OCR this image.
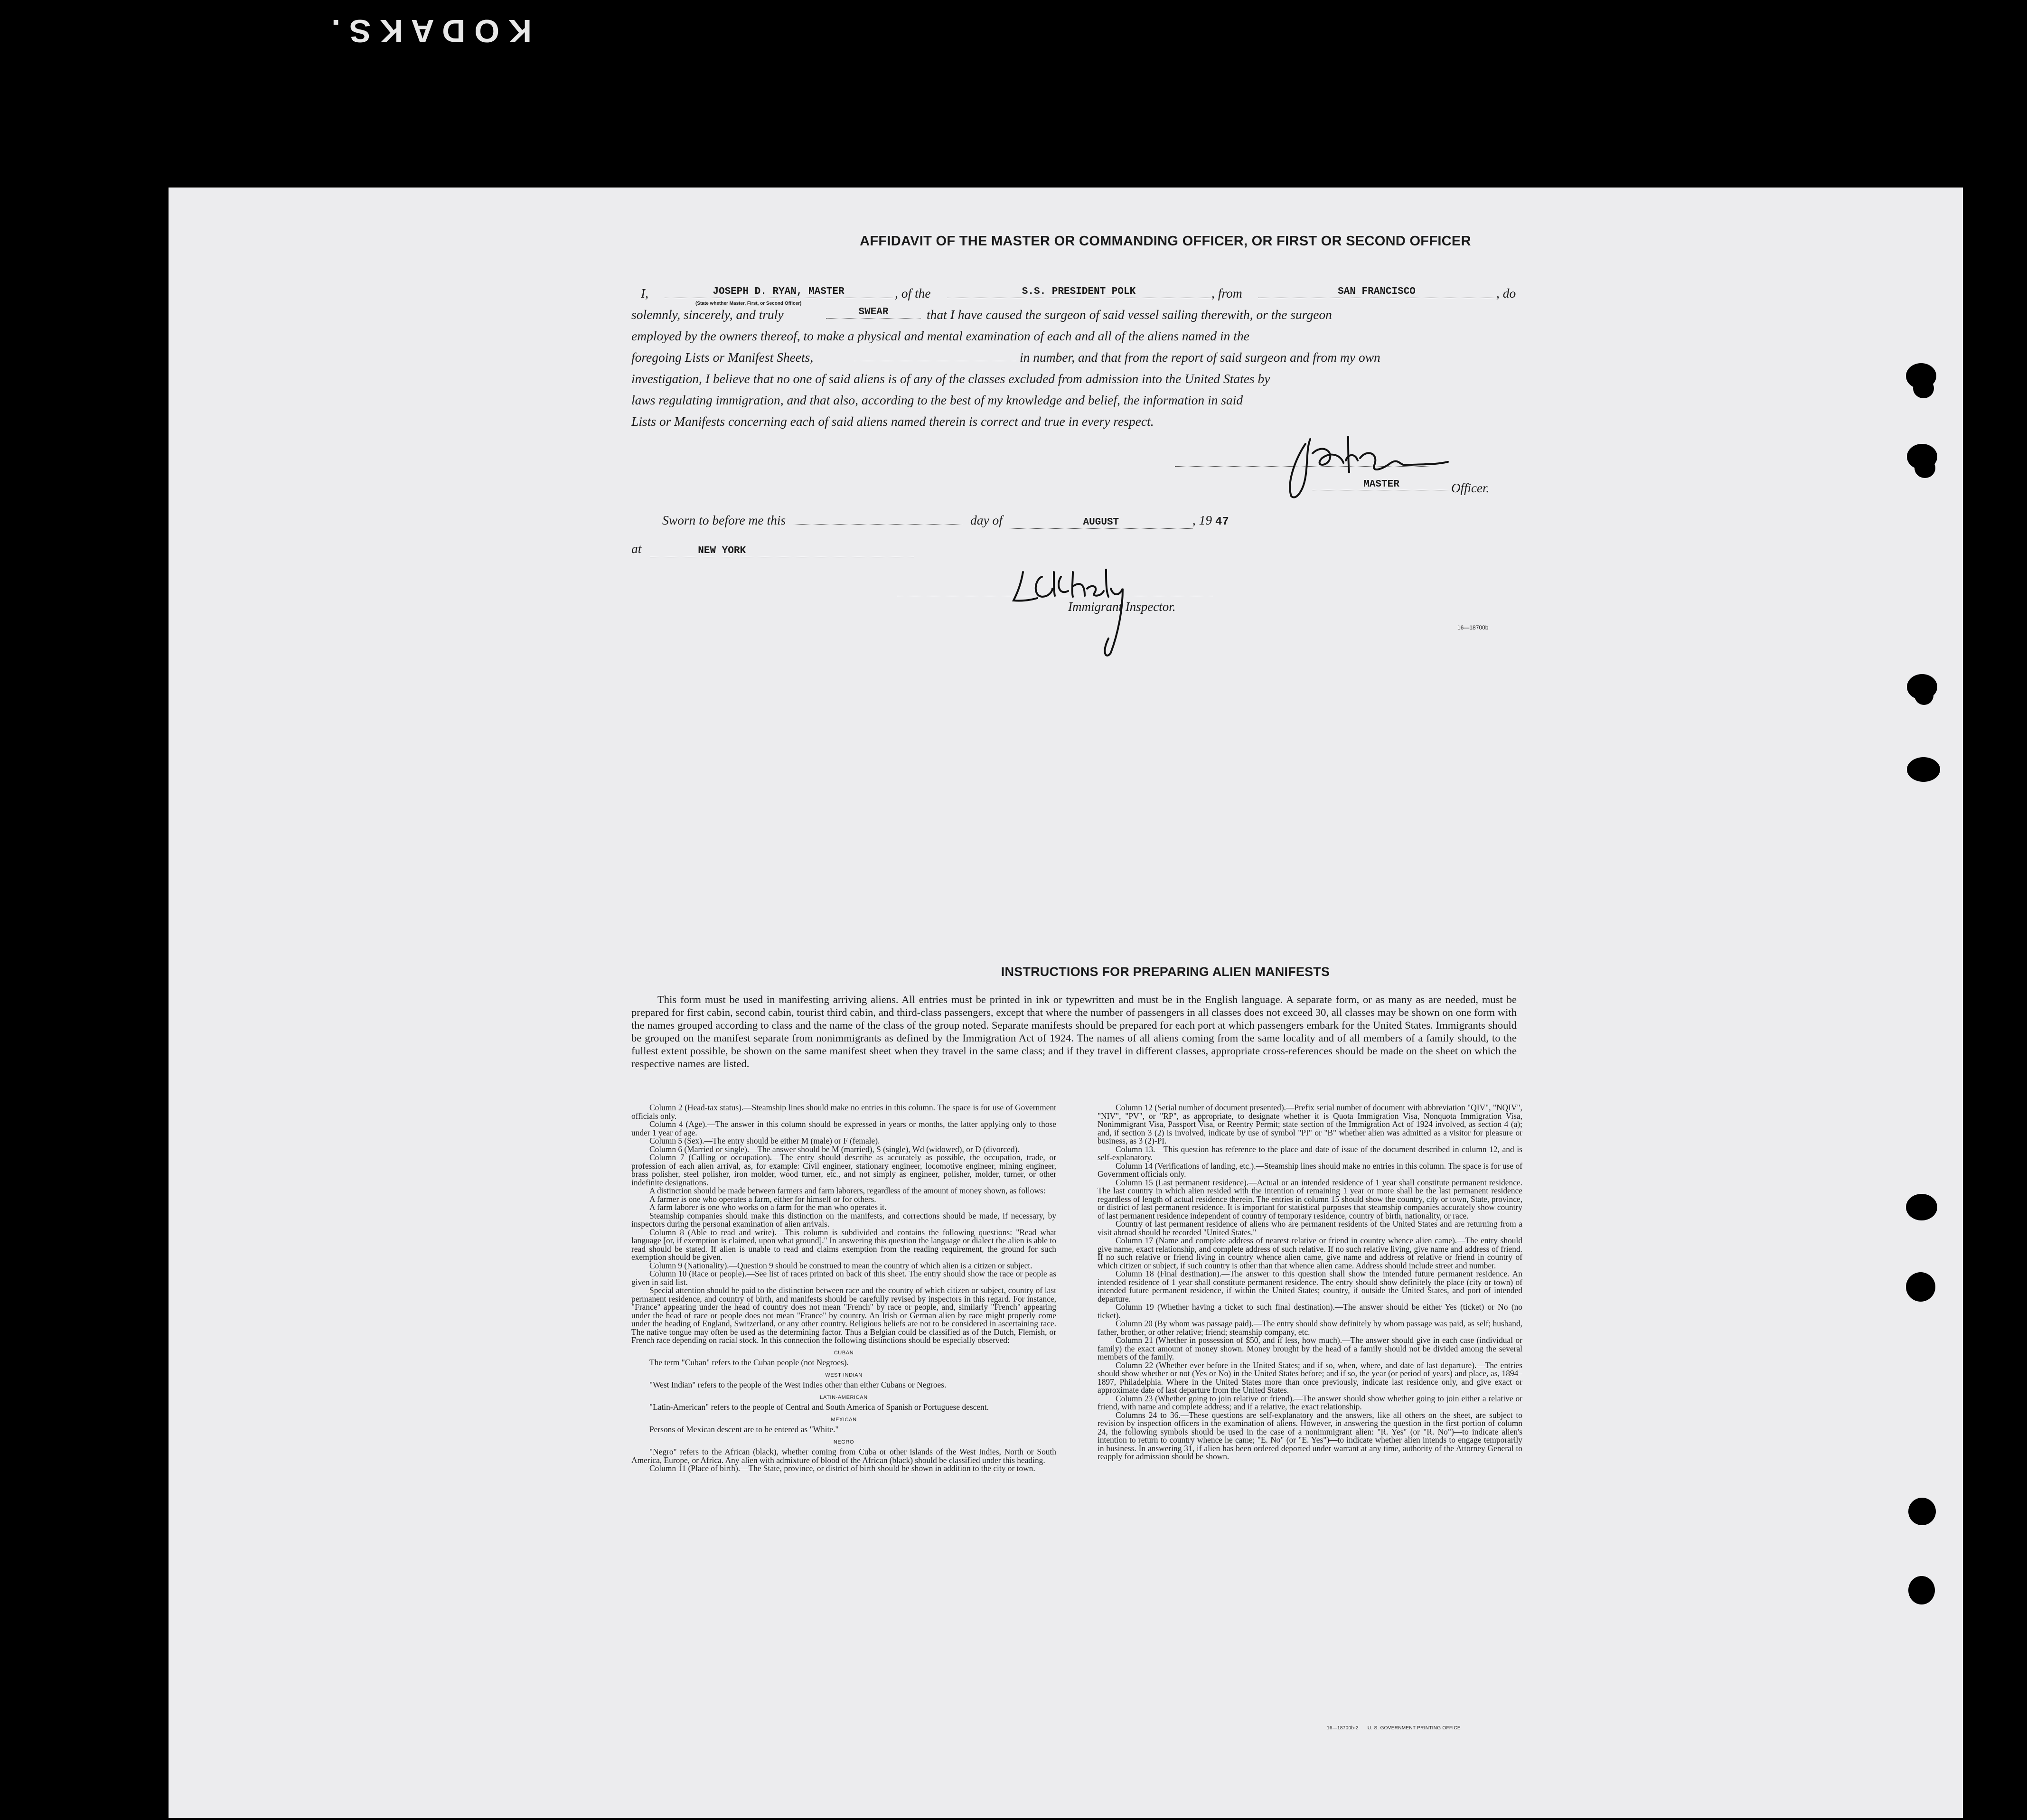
K O D A K S .
AFFIDAVIT OF THE MASTER OR COMMANDING OFFICER, OR FIRST OR SECOND OFFICER
I,	JOSEPH D. RYAN, MASTER
(State whether Master, First, or Second Officer)
, of the	S.S. PRESIDENT POLK	, from	SAN FRANCISCO	, do
solemnly, sincerely, and truly	SWEAR	that I have caused the surgeon of said vessel sailing therewith, or the surgeon
employed by the owners thereof, to make a physical and mental examination of each and all of the aliens named in the
foregoing Lists or Manifest Sheets,	in number, and that from the report of said surgeon and from my own
investigation, I believe that no one of said aliens is of any of the classes excluded from admission into the United States by
laws regulating immigration, and that also, according to the best of my knowledge and belief, the information in said
Lists or Manifests concerning each of said aliens named therein is correct and true in every respect.
MASTER	Officer.
Sworn to before me this	day of	AUGUST	, 19 47
at	NEW YORK
Immigrant Inspector.
16—18700b
INSTRUCTIONS FOR PREPARING ALIEN MANIFESTS

This form must be used in manifesting arriving aliens. All entries must be printed in ink or typewritten and must be in the English language. A separate form, or as many as are needed, must be prepared for first cabin, second cabin, tourist third cabin, and third-class passengers, except that where the number of passengers in all classes does not exceed 30, all classes may be shown on one form with the names grouped according to class and the name of the class of the group noted. Separate manifests should be prepared for each port at which passengers embark for the United States. Immigrants should be grouped on the manifest separate from nonimmigrants as defined by the Immigration Act of 1924. The names of all aliens coming from the same locality and of all members of a family should, to the fullest extent possible, be shown on the same manifest sheet when they travel in the same class; and if they travel in different classes, appropriate cross-references should be made on the sheet on which the respective names are listed.

Column 2 (Head-tax status).—Steamship lines should make no entries in this column. The space is for use of Government officials only.

Column 4 (Age).—The answer in this column should be expressed in years or months, the latter applying only to those under 1 year of age.

Column 5 (Sex).—The entry should be either M (male) or F (female).

Column 6 (Married or single).—The answer should be M (married), S (single), Wd (widowed), or D (divorced).

Column 7 (Calling or occupation).—The entry should describe as accurately as possible, the occupation, trade, or profession of each alien arrival, as, for example: Civil engineer, stationary engineer, locomotive engineer, mining engineer, brass polisher, steel polisher, iron molder, wood turner, etc., and not simply as engineer, polisher, molder, turner, or other indefinite designations.

A distinction should be made between farmers and farm laborers, regardless of the amount of money shown, as follows:

A farmer is one who operates a farm, either for himself or for others.

A farm laborer is one who works on a farm for the man who operates it.

Steamship companies should make this distinction on the manifests, and corrections should be made, if necessary, by inspectors during the personal examination of alien arrivals.

Column 8 (Able to read and write).—This column is subdivided and contains the following questions: "Read what language [or, if exemption is claimed, upon what ground]." In answering this question the language or dialect the alien is able to read should be stated. If alien is unable to read and claims exemption from the reading requirement, the ground for such exemption should be given.

Column 9 (Nationality).—Question 9 should be construed to mean the country of which alien is a citizen or subject.

Column 10 (Race or people).—See list of races printed on back of this sheet. The entry should show the race or people as given in said list.

Special attention should be paid to the distinction between race and the country of which citizen or subject, country of last permanent residence, and country of birth, and manifests should be carefully revised by inspectors in this regard. For instance, "France" appearing under the head of country does not mean "French" by race or people, and, similarly "French" appearing under the head of race or people does not mean "France" by country. An Irish or German alien by race might properly come under the heading of England, Switzerland, or any other country. Religious beliefs are not to be considered in ascertaining race. The native tongue may often be used as the determining factor. Thus a Belgian could be classified as of the Dutch, Flemish, or French race depending on racial stock. In this connection the following distinctions should be especially observed:

CUBAN

The term "Cuban" refers to the Cuban people (not Negroes).

WEST INDIAN

"West Indian" refers to the people of the West Indies other than either Cubans or Negroes.

LATIN-AMERICAN

"Latin-American" refers to the people of Central and South America of Spanish or Portuguese descent.

MEXICAN

Persons of Mexican descent are to be entered as "White."

NEGRO

"Negro" refers to the African (black), whether coming from Cuba or other islands of the West Indies, North or South America, Europe, or Africa. Any alien with admixture of blood of the African (black) should be classified under this heading.

Column 11 (Place of birth).—The State, province, or district of birth should be shown in addition to the city or town.

Column 12 (Serial number of document presented).—Prefix serial number of document with abbreviation "QIV", "NQIV", "NIV", "PV", or "RP", as appropriate, to designate whether it is Quota Immigration Visa, Nonquota Immigration Visa, Nonimmigrant Visa, Passport Visa, or Reentry Permit; state section of the Immigration Act of 1924 involved, as section 4 (a); and, if section 3 (2) is involved, indicate by use of symbol "PI" or "B" whether alien was admitted as a visitor for pleasure or business, as 3 (2)-PI.

Column 13.—This question has reference to the place and date of issue of the document described in column 12, and is self-explanatory.

Column 14 (Verifications of landing, etc.).—Steamship lines should make no entries in this column. The space is for use of Government officials only.

Column 15 (Last permanent residence).—Actual or an intended residence of 1 year shall constitute permanent residence. The last country in which alien resided with the intention of remaining 1 year or more shall be the last permanent residence regardless of length of actual residence therein. The entries in column 15 should show the country, city or town, State, province, or district of last permanent residence. It is important for statistical purposes that steamship companies accurately show country of last permanent residence independent of country of temporary residence, country of birth, nationality, or race.

Country of last permanent residence of aliens who are permanent residents of the United States and are returning from a visit abroad should be recorded "United States."

Column 17 (Name and complete address of nearest relative or friend in country whence alien came).—The entry should give name, exact relationship, and complete address of such relative. If no such relative living, give name and address of friend. If no such relative or friend living in country whence alien came, give name and address of relative or friend in country of which citizen or subject, if such country is other than that whence alien came. Address should include street and number.

Column 18 (Final destination).—The answer to this question shall show the intended future permanent residence. An intended residence of 1 year shall constitute permanent residence. The entry should show definitely the place (city or town) of intended future permanent residence, if within the United States; country, if outside the United States, and port of intended departure.

Column 19 (Whether having a ticket to such final destination).—The answer should be either Yes (ticket) or No (no ticket).

Column 20 (By whom was passage paid).—The entry should show definitely by whom passage was paid, as self; husband, father, brother, or other relative; friend; steamship company, etc.

Column 21 (Whether in possession of $50, and if less, how much).—The answer should give in each case (individual or family) the exact amount of money shown. Money brought by the head of a family should not be divided among the several members of the family.

Column 22 (Whether ever before in the United States; and if so, when, where, and date of last departure).—The entries should show whether or not (Yes or No) in the United States before; and if so, the year (or period of years) and place, as, 1894–1897, Philadelphia. Where in the United States more than once previously, indicate last residence only, and give exact or approximate date of last departure from the United States.

Column 23 (Whether going to join relative or friend).—The answer should show whether going to join either a relative or friend, with name and complete address; and if a relative, the exact relationship.

Columns 24 to 36.—These questions are self-explanatory and the answers, like all others on the sheet, are subject to revision by inspection officers in the examination of aliens. However, in answering the question in the first portion of column 24, the following symbols should be used in the case of a nonimmigrant alien: "R. Yes" (or "R. No")—to indicate alien's intention to return to country whence he came; "E. No" (or "E. Yes")—to indicate whether alien intends to engage temporarily in business. In answering 31, if alien has been ordered deported under warrant at any time, authority of the Attorney General to reapply for admission should be shown.

16—18700b-2 U. S. GOVERNMENT PRINTING OFFICE
